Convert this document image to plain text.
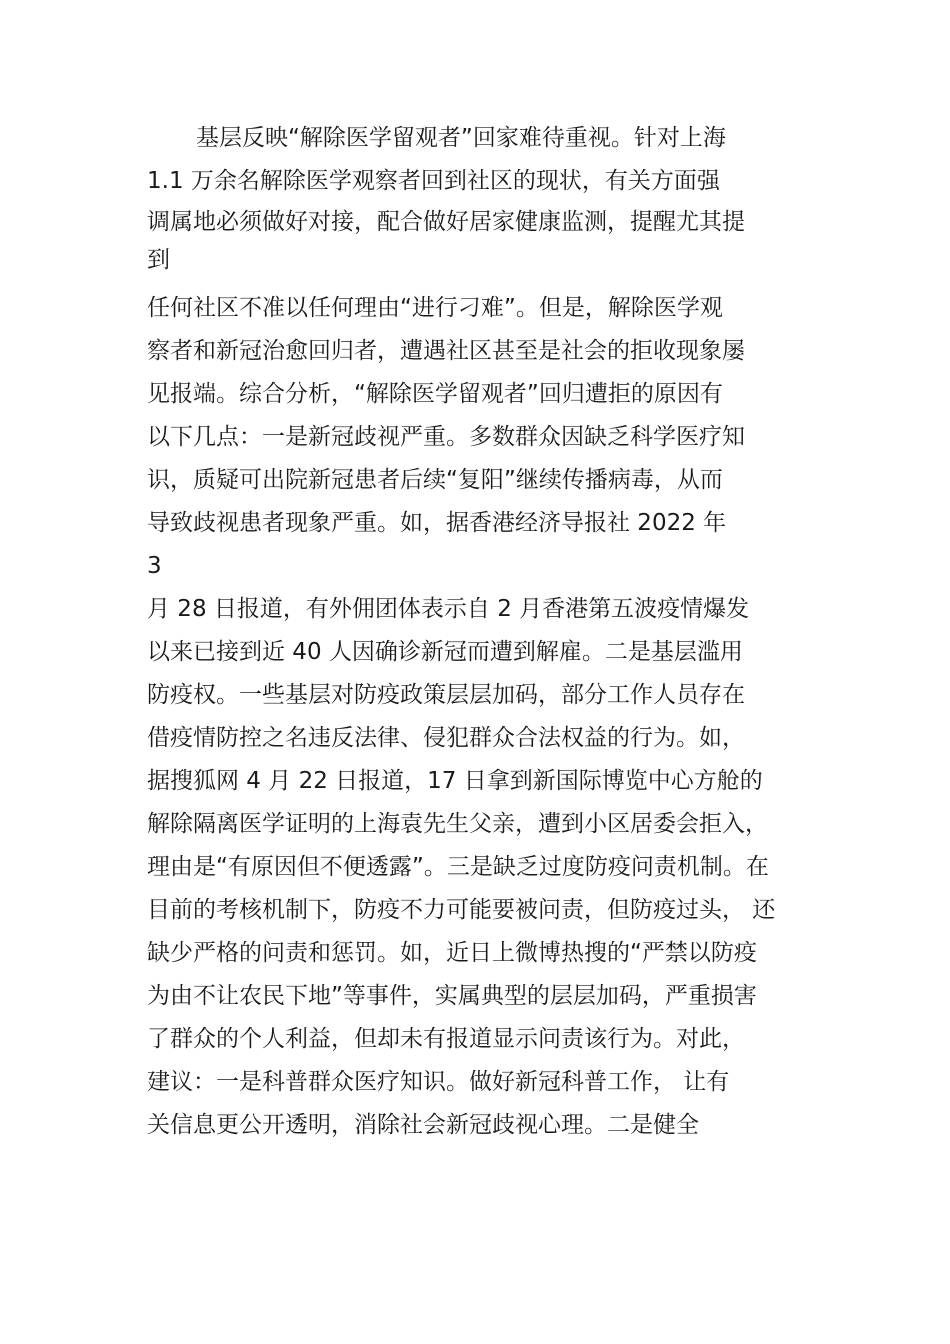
基层反映“解除医学留观者”回家难待重视。针对上海
1.1 万余名解除医学观察者回到社区的现状，有关方面强
调属地必须做好对接，配合做好居家健康监测，提醒尤其提
到
任何社区不准以任何理由“进行刁难”。但是，解除医学观
察者和新冠治愈回归者，遭遇社区甚至是社会的拒收现象屡
见报端。综合分析，“解除医学留观者”回归遭拒的原因有
以下几点：一是新冠歧视严重。多数群众因缺乏科学医疗知
识，质疑可出院新冠患者后续“复阳”继续传播病毒，从而
导致歧视患者现象严重。如，据香港经济导报社 2022 年
3
月 28 日报道，有外佣团体表示自 2 月香港第五波疫情爆发
以来已接到近 40 人因确诊新冠而遭到解雇。二是基层滥用
防疫权。一些基层对防疫政策层层加码，部分工作人员存在
借疫情防控之名违反法律、侵犯群众合法权益的行为。如，
据搜狐网 4 月 22 日报道，17 日拿到新国际博览中心方舱的
解除隔离医学证明的上海袁先生父亲，遭到小区居委会拒入，
理由是“有原因但不便透露”。三是缺乏过度防疫问责机制。在
目前的考核机制下，防疫不力可能要被问责，但防疫过头， 还
缺少严格的问责和惩罚。如，近日上微博热搜的“严禁以防疫
为由不让农民下地”等事件，实属典型的层层加码，严重损害
了群众的个人利益，但却未有报道显示问责该行为。对此，
建议：一是科普群众医疗知识。做好新冠科普工作， 让有
关信息更公开透明，消除社会新冠歧视心理。二是健全
